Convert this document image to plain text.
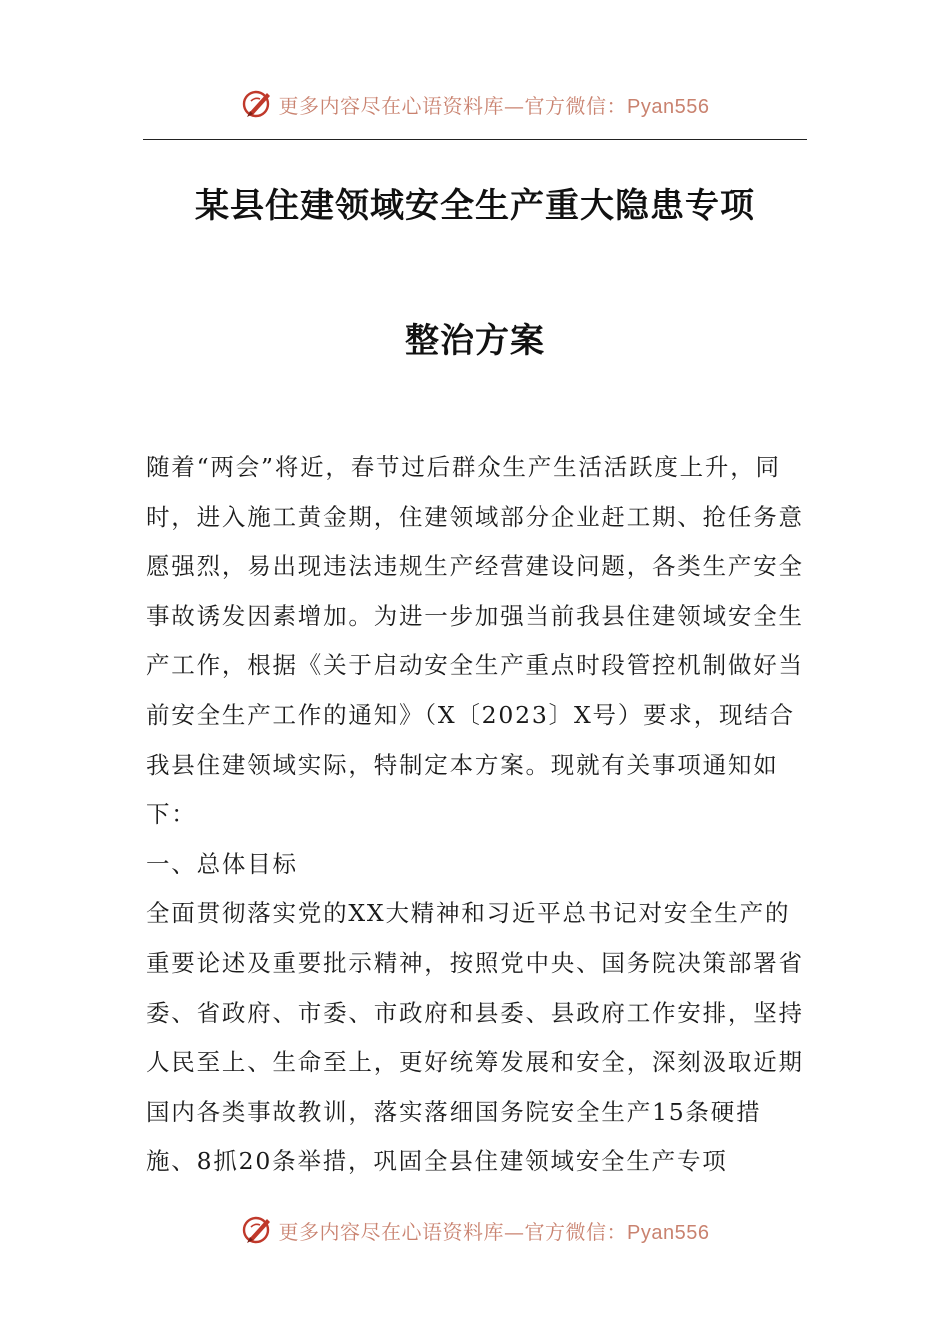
更多内容尽在心语资料库—官方微信：Pyan556
某县住建领域安全生产重大隐患专项
整治方案

随着“两会”将近，春节过后群众生产生活活跃度上升，同时，进入施工黄金期，住建领域部分企业赶工期、抢任务意愿强烈，易出现违法违规生产经营建设问题，各类生产安全事故诱发因素增加。为进一步加强当前我县住建领域安全生产工作，根据《关于启动安全生产重点时段管控机制做好当前安全生产工作的通知》（X〔2023〕X号）要求，现结合我县住建领域实际，特制定本方案。现就有关事项通知如下：

一、总体目标

全面贯彻落实党的XX大精神和习近平总书记对安全生产的重要论述及重要批示精神，按照党中央、国务院决策部署省委、省政府、市委、市政府和县委、县政府工作安排，坚持人民至上、生命至上，更好统筹发展和安全，深刻汲取近期国内各类事故教训，落实落细国务院安全生产15条硬措施、8抓20条举措，巩固全县住建领域安全生产专项

更多内容尽在心语资料库—官方微信：Pyan556
